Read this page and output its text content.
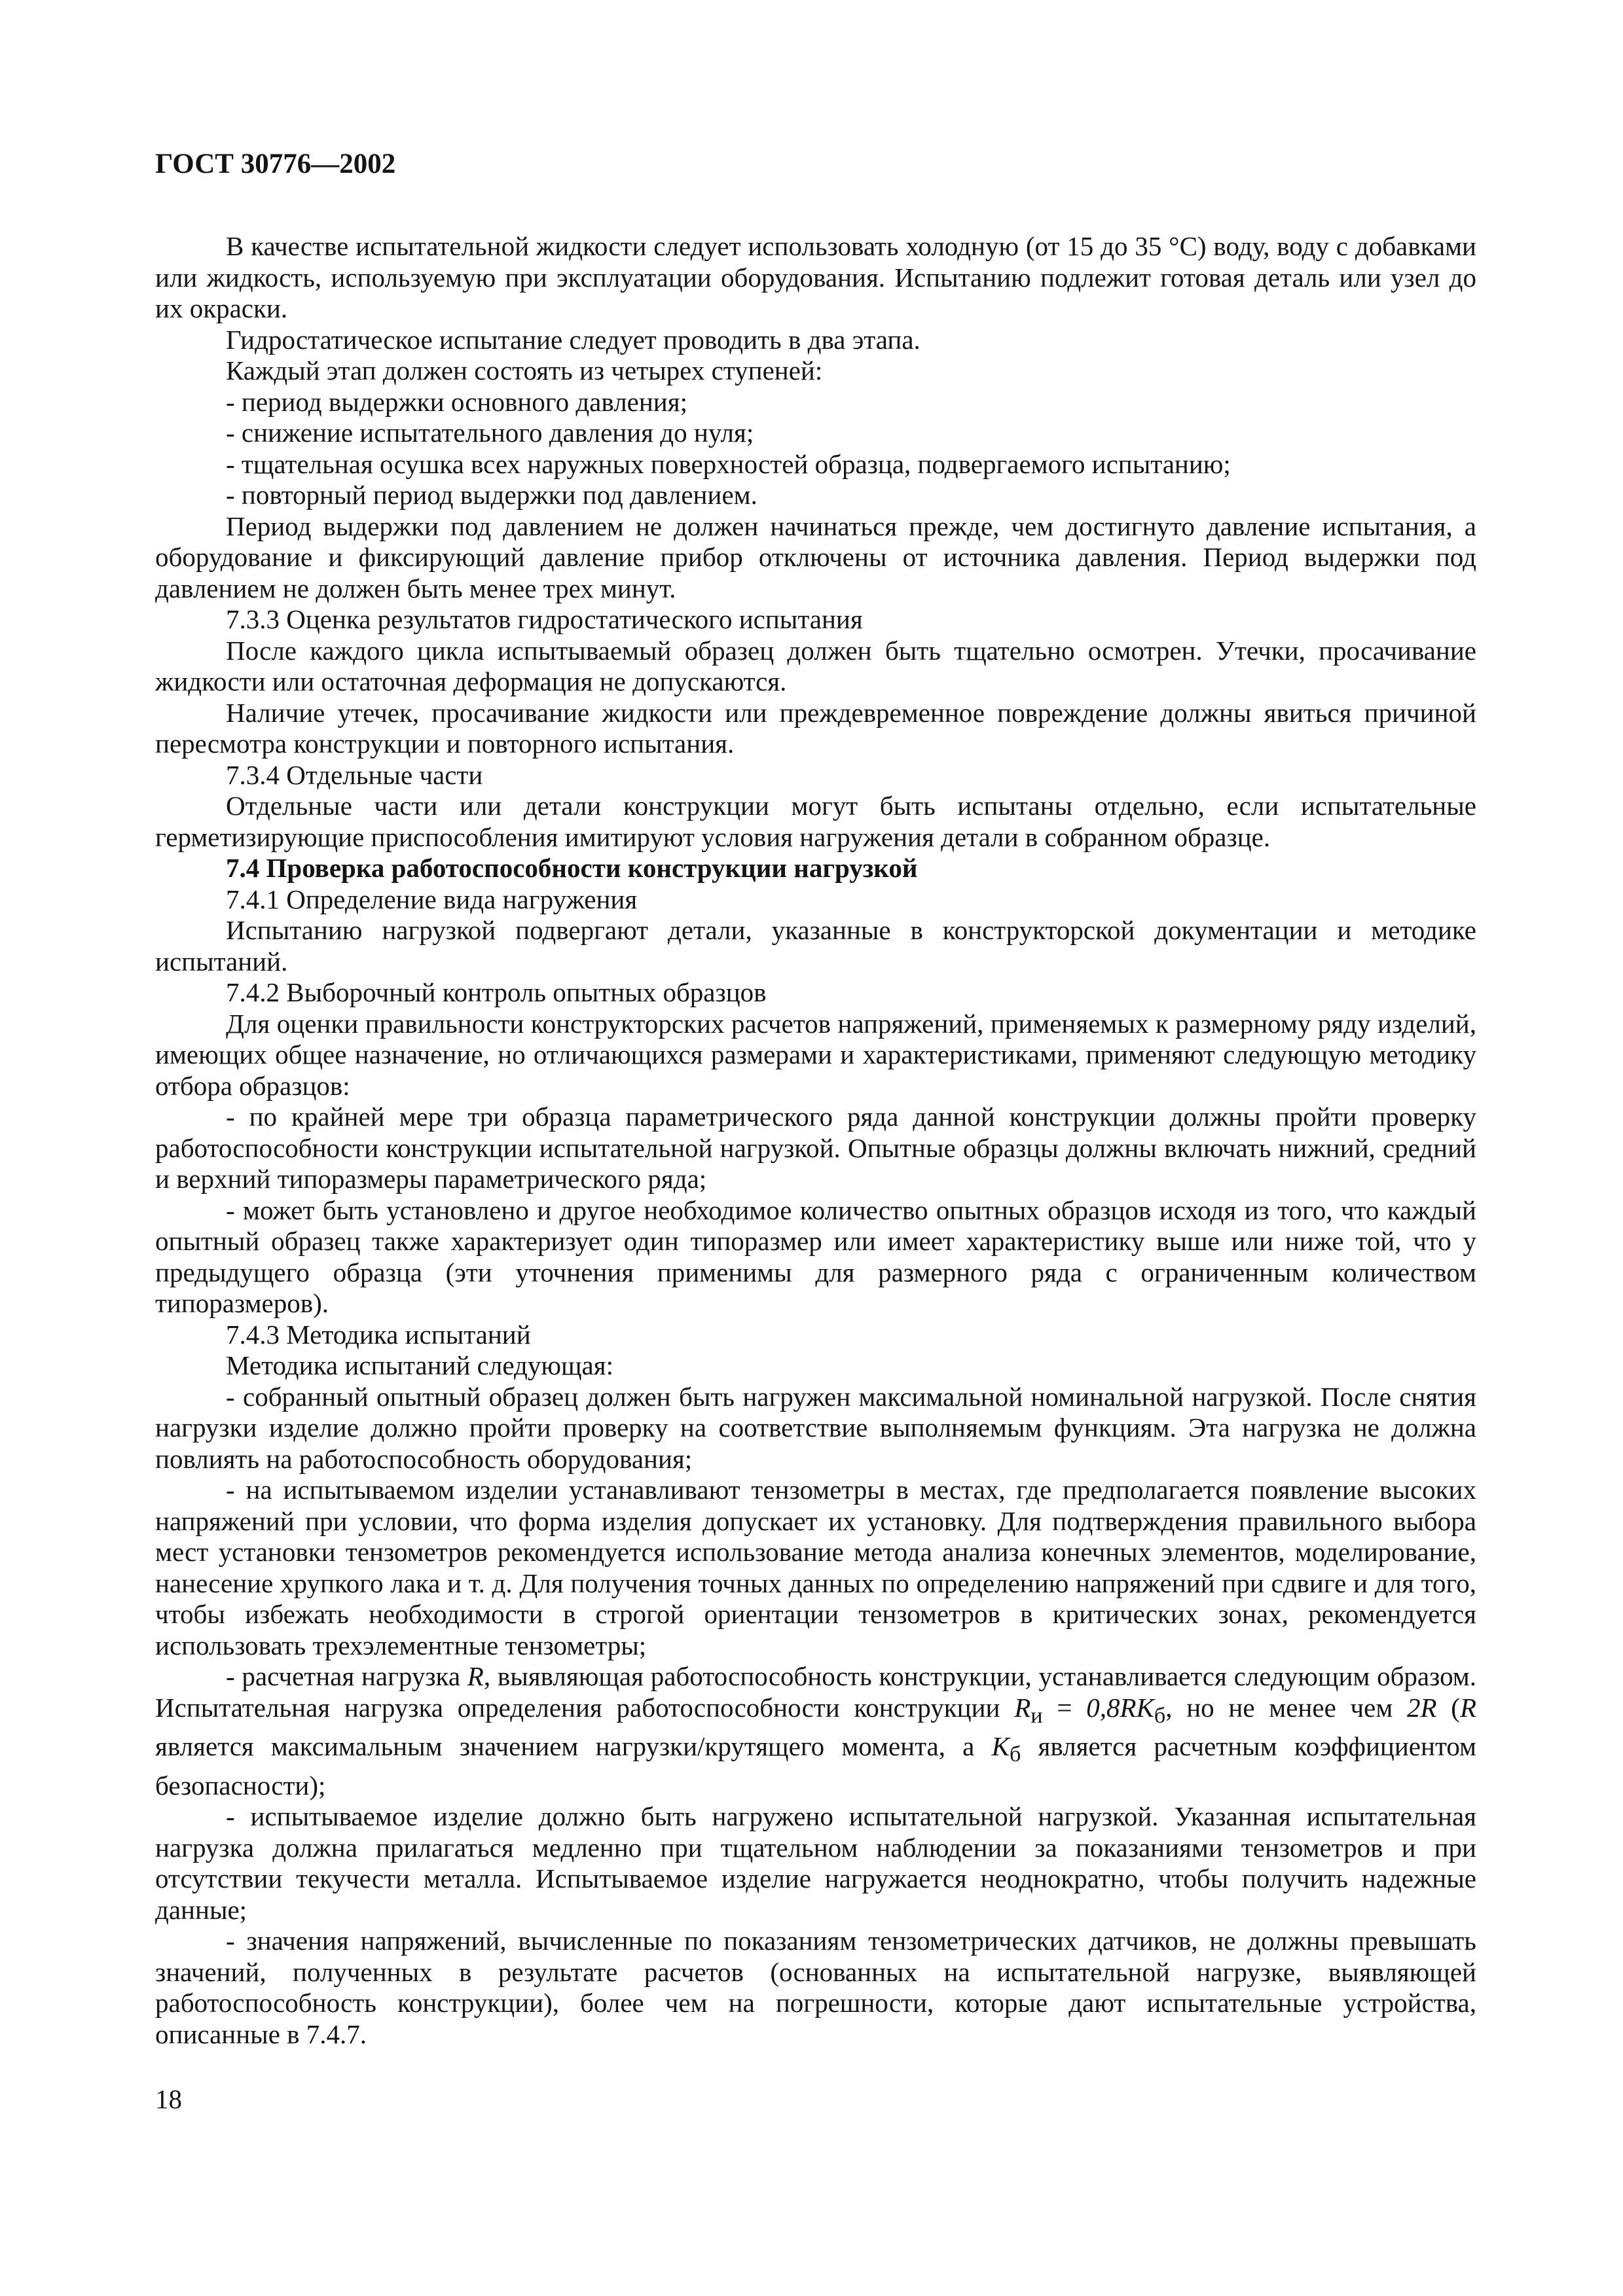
ГОСТ 30776—2002

В качестве испытательной жидкости следует использовать холодную (от 15 до 35 °С) воду, воду с добавками или жидкость, используемую при эксплуатации оборудования. Испытанию подлежит готовая деталь или узел до их окраски.

Гидростатическое испытание следует проводить в два этапа.

Каждый этап должен состоять из четырех ступеней:

- период выдержки основного давления;

- снижение испытательного давления до нуля;

- тщательная осушка всех наружных поверхностей образца, подвергаемого испытанию;

- повторный период выдержки под давлением.

Период выдержки под давлением не должен начинаться прежде, чем достигнуто давление испытания, а оборудование и фиксирующий давление прибор отключены от источника давления. Период выдержки под давлением не должен быть менее трех минут.

7.3.3 Оценка результатов гидростатического испытания

После каждого цикла испытываемый образец должен быть тщательно осмотрен. Утечки, просачивание жидкости или остаточная деформация не допускаются.

Наличие утечек, просачивание жидкости или преждевременное повреждение должны явиться причиной пересмотра конструкции и повторного испытания.

7.3.4 Отдельные части

Отдельные части или детали конструкции могут быть испытаны отдельно, если испытательные герметизирующие приспособления имитируют условия нагружения детали в собранном образце.

7.4 Проверка работоспособности конструкции нагрузкой

7.4.1 Определение вида нагружения

Испытанию нагрузкой подвергают детали, указанные в конструкторской документации и методике испытаний.

7.4.2 Выборочный контроль опытных образцов

Для оценки правильности конструкторских расчетов напряжений, применяемых к размерному ряду изделий, имеющих общее назначение, но отличающихся размерами и характеристиками, применяют следующую методику отбора образцов:

- по крайней мере три образца параметрического ряда данной конструкции должны пройти проверку работоспособности конструкции испытательной нагрузкой. Опытные образцы должны включать нижний, средний и верхний типоразмеры параметрического ряда;

- может быть установлено и другое необходимое количество опытных образцов исходя из того, что каждый опытный образец также характеризует один типоразмер или имеет характеристику выше или ниже той, что у предыдущего образца (эти уточнения применимы для размерного ряда с ограниченным количеством типоразмеров).

7.4.3 Методика испытаний

Методика испытаний следующая:

- собранный опытный образец должен быть нагружен максимальной номинальной нагрузкой. После снятия нагрузки изделие должно пройти проверку на соответствие выполняемым функциям. Эта нагрузка не должна повлиять на работоспособность оборудования;

- на испытываемом изделии устанавливают тензометры в местах, где предполагается появление высоких напряжений при условии, что форма изделия допускает их установку. Для подтверждения правильного выбора мест установки тензометров рекомендуется использование метода анализа конечных элементов, моделирование, нанесение хрупкого лака и т. д. Для получения точных данных по определению напряжений при сдвиге и для того, чтобы избежать необходимости в строгой ориентации тензометров в критических зонах, рекомендуется использовать трехэлементные тензометры;

- расчетная нагрузка R, выявляющая работоспособность конструкции, устанавливается следующим образом. Испытательная нагрузка определения работоспособности конструкции $R_и = 0,8RK_б$, но не менее чем 2R (R является максимальным значением нагрузки/крутящего момента, а $K_б$ является расчетным коэффициентом безопасности);

- испытываемое изделие должно быть нагружено испытательной нагрузкой. Указанная испытательная нагрузка должна прилагаться медленно при тщательном наблюдении за показаниями тензометров и при отсутствии текучести металла. Испытываемое изделие нагружается неоднократно, чтобы получить надежные данные;

- значения напряжений, вычисленные по показаниям тензометрических датчиков, не должны превышать значений, полученных в результате расчетов (основанных на испытательной нагрузке, выявляющей работоспособность конструкции), более чем на погрешности, которые дают испытательные устройства, описанные в 7.4.7.

18
